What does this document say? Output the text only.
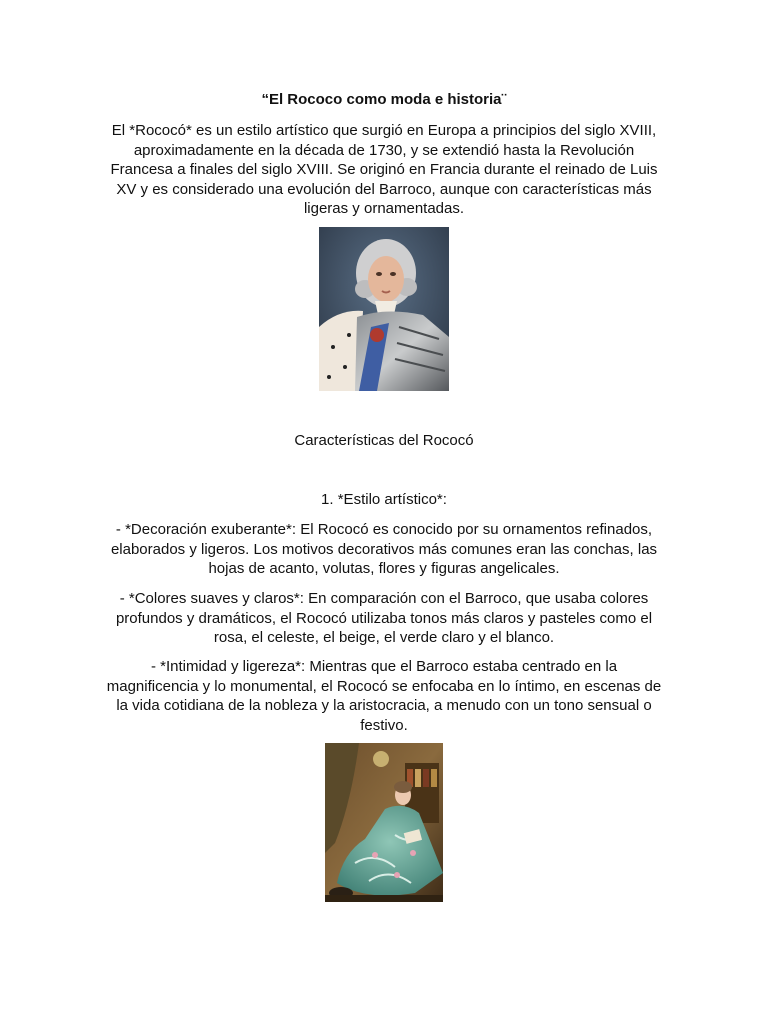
“El Rococo como moda e historia¨

El *Rococó* es un estilo artístico que surgió en Europa a principios del siglo XVIII, aproximadamente en la década de 1730, y se extendió hasta la Revolución Francesa a finales del siglo XVIII. Se originó en Francia durante el reinado de Luis XV y es considerado una evolución del Barroco, aunque con características más ligeras y ornamentadas.

Características del Rococó
1. *Estilo artístico*:

- *Decoración exuberante*: El Rococó es conocido por su ornamentos refinados, elaborados y ligeros. Los motivos decorativos más comunes eran las conchas, las hojas de acanto, volutas, flores y figuras angelicales.

- *Colores suaves y claros*: En comparación con el Barroco, que usaba colores profundos y dramáticos, el Rococó utilizaba tonos más claros y pasteles como el rosa, el celeste, el beige, el verde claro y el blanco.

- *Intimidad y ligereza*: Mientras que el Barroco estaba centrado en la magnificencia y lo monumental, el Rococó se enfocaba en lo íntimo, en escenas de la vida cotidiana de la nobleza y la aristocracia, a menudo con un tono sensual o festivo.
